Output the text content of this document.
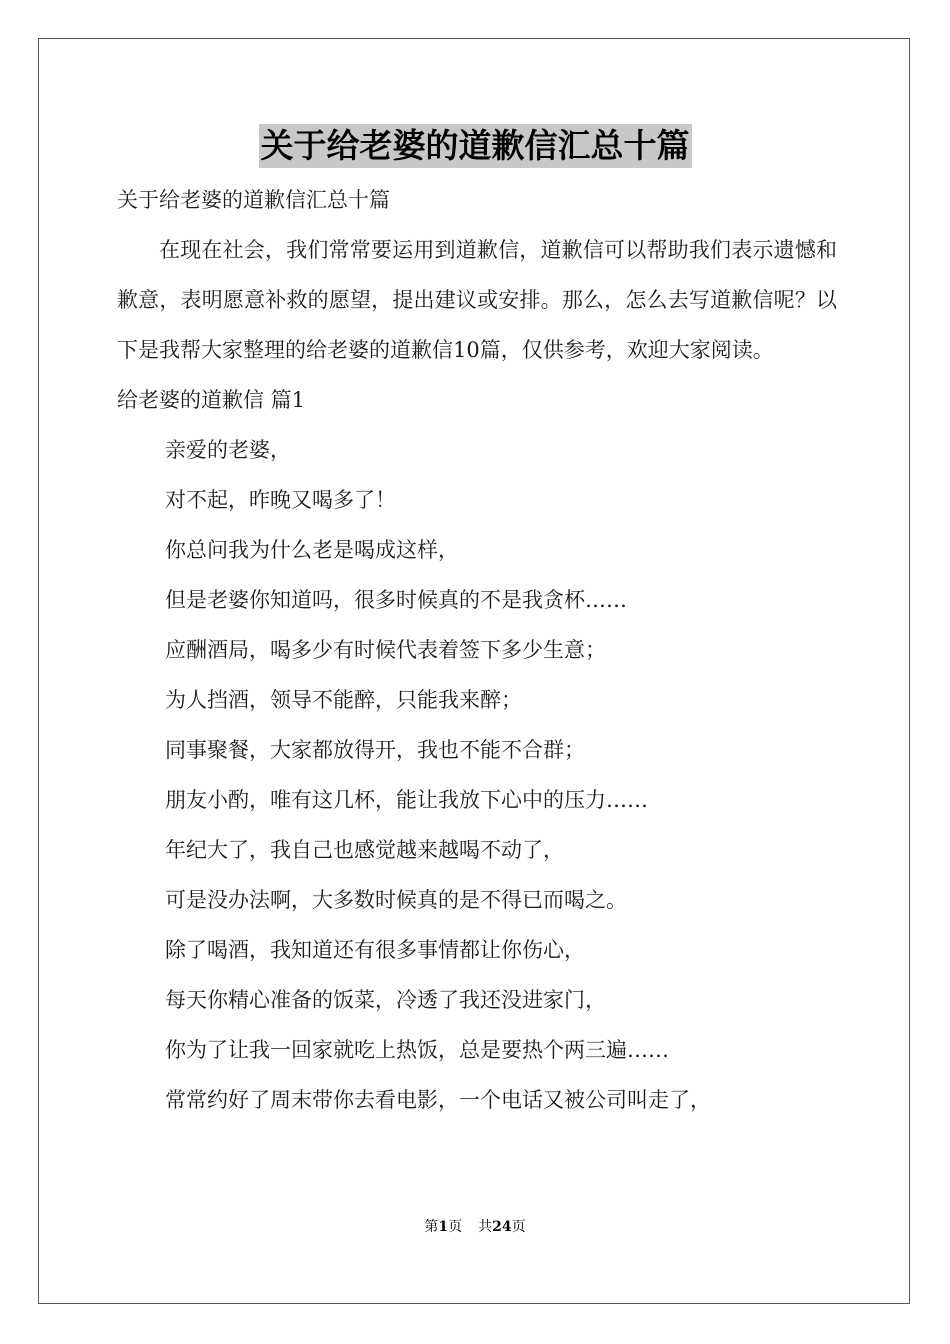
关于给老婆的道歉信汇总十篇
关于给老婆的道歉信汇总十篇
在现在社会，我们常常要运用到道歉信，道歉信可以帮助我们表示遗憾和歉意，表明愿意补救的愿望，提出建议或安排。那么，怎么去写道歉信呢？以下是我帮大家整理的给老婆的道歉信10篇，仅供参考，欢迎大家阅读。
给老婆的道歉信 篇1
亲爱的老婆，
对不起，昨晚又喝多了！
你总问我为什么老是喝成这样，
但是老婆你知道吗，很多时候真的不是我贪杯……
应酬酒局，喝多少有时候代表着签下多少生意；
为人挡酒，领导不能醉，只能我来醉；
同事聚餐，大家都放得开，我也不能不合群；
朋友小酌，唯有这几杯，能让我放下心中的压力……
年纪大了，我自己也感觉越来越喝不动了，
可是没办法啊，大多数时候真的是不得已而喝之。
除了喝酒，我知道还有很多事情都让你伤心，
每天你精心准备的饭菜，冷透了我还没进家门，
你为了让我一回家就吃上热饭，总是要热个两三遍……
常常约好了周末带你去看电影，一个电话又被公司叫走了，
第1页 共24页
